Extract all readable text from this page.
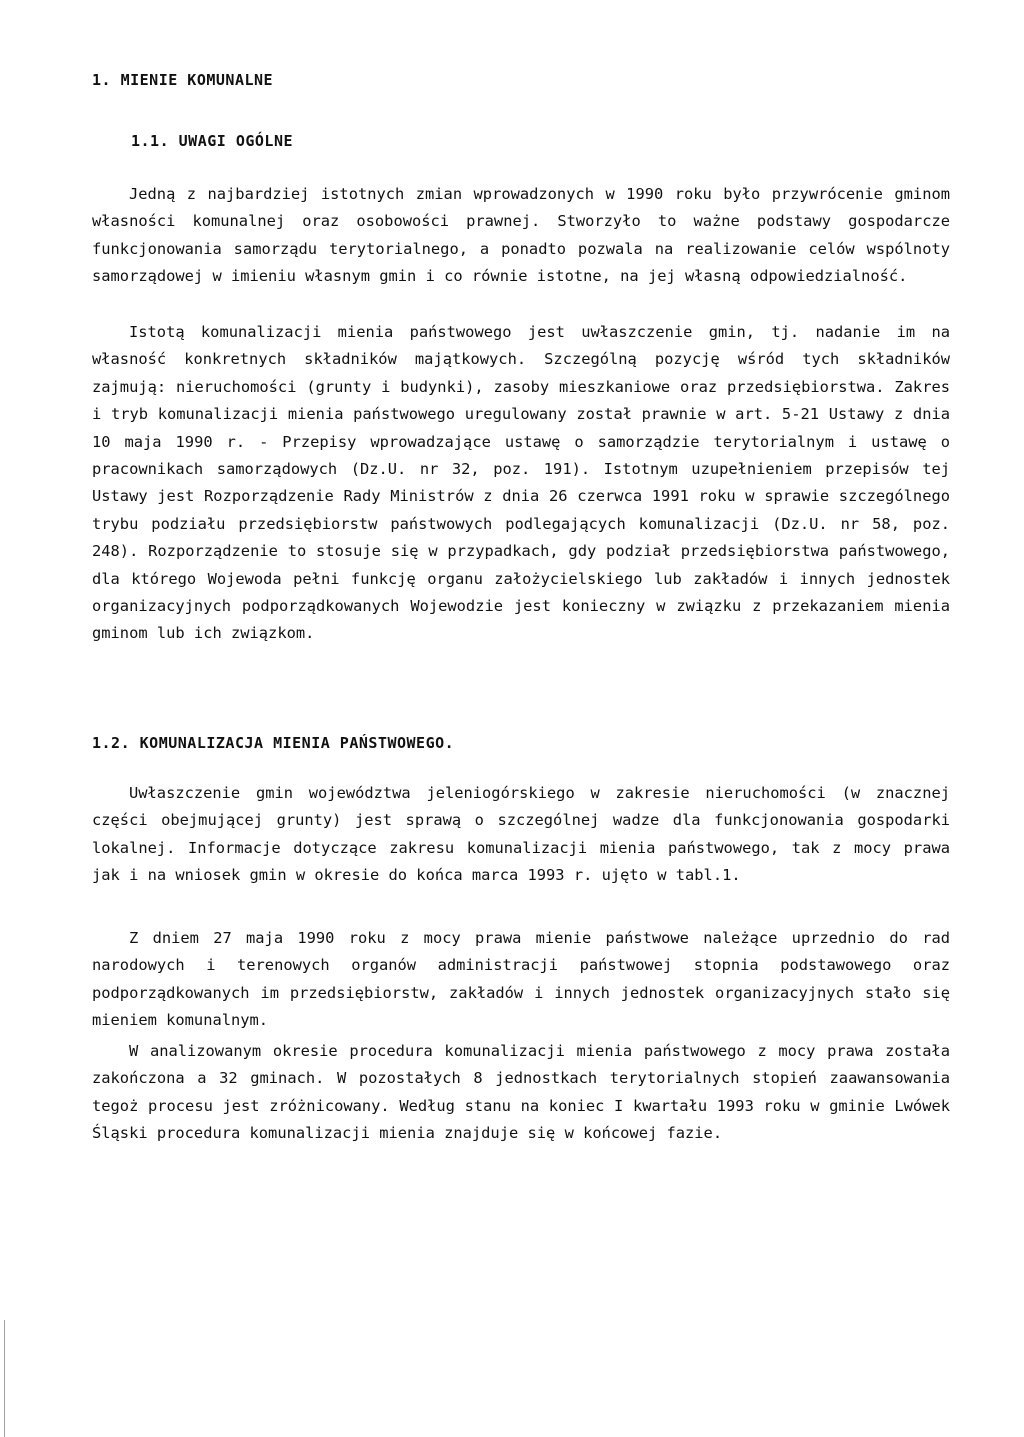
1. MIENIE KOMUNALNE
1.1. UWAGI OGÓLNE

Jedną z najbardziej istotnych zmian wprowadzonych w 1990 roku było przywrócenie gminom własności komunalnej oraz osobowości prawnej. Stworzyło to ważne podstawy gospodarcze funkcjonowania samorządu terytorialnego, a ponadto pozwala na realizowanie celów wspólnoty samorządowej w imieniu własnym gmin i co równie istotne, na jej własną odpowiedzialność.

Istotą komunalizacji mienia państwowego jest uwłaszczenie gmin, tj. nadanie im na własność konkretnych składników majątkowych. Szczególną pozycję wśród tych składników zajmują: nieruchomości (grunty i budynki), zasoby mieszkaniowe oraz przedsiębiorstwa. Zakres i tryb komunalizacji mienia państwowego uregulowany został prawnie w art. 5-21 Ustawy z dnia 10 maja 1990 r. - Przepisy wprowadzające ustawę o samorządzie terytorialnym i ustawę o pracownikach samorządowych (Dz.U. nr 32, poz. 191). Istotnym uzupełnieniem przepisów tej Ustawy jest Rozporządzenie Rady Ministrów z dnia 26 czerwca 1991 roku w sprawie szczególnego trybu podziału przedsiębiorstw państwowych podlegających komunalizacji (Dz.U. nr 58, poz. 248). Rozporządzenie to stosuje się w przypadkach, gdy podział przedsiębiorstwa państwowego, dla którego Wojewoda pełni funkcję organu założycielskiego lub zakładów i innych jednostek organizacyjnych podporządkowanych Wojewodzie jest konieczny w związku z przekazaniem mienia gminom lub ich związkom.

1.2. KOMUNALIZACJA MIENIA PAŃSTWOWEGO.

Uwłaszczenie gmin województwa jeleniogórskiego w zakresie nieruchomości (w znacznej części obejmującej grunty) jest sprawą o szczególnej wadze dla funkcjonowania gospodarki lokalnej. Informacje dotyczące zakresu komunalizacji mienia państwowego, tak z mocy prawa jak i na wniosek gmin w okresie do końca marca 1993 r. ujęto w tabl.1.

Z dniem 27 maja 1990 roku z mocy prawa mienie państwowe należące uprzednio do rad narodowych i terenowych organów administracji państwowej stopnia podstawowego oraz podporządkowanych im przedsiębiorstw, zakładów i innych jednostek organizacyjnych stało się mieniem komunalnym.

W analizowanym okresie procedura komunalizacji mienia państwowego z mocy prawa została zakończona a 32 gminach. W pozostałych 8 jednostkach terytorialnych stopień zaawansowania tegoż procesu jest zróżnicowany. Według stanu na koniec I kwartału 1993 roku w gminie Lwówek Śląski procedura komunalizacji mienia znajduje się w końcowej fazie.
